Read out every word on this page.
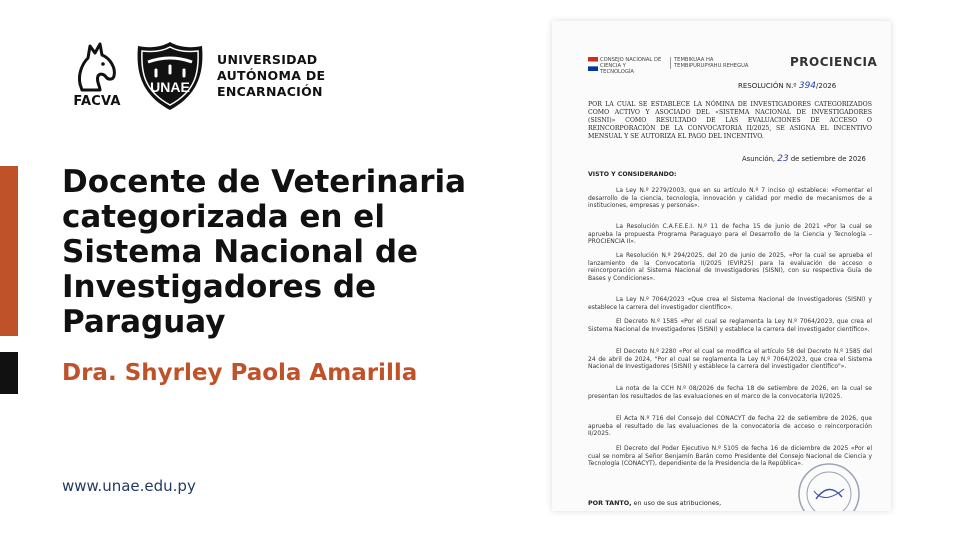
FACVA
UNAE
UNIVERSIDAD
AUTÓNOMA DE
ENCARNACIÓN
Docente de Veterinaria categorizada en el Sistema Nacional de Investigadores de Paraguay

Dra. Shyrley Paola Amarilla

www.unae.edu.py
CONSEJO NACIONAL DE
CIENCIA Y
TECNOLOGÍA
TEMBIKUAA HA
TEMBIPURUPYAHU REHEGUA	PROCIENCIA
RESOLUCIÓN N.º 394/2026

POR LA CUAL SE ESTABLECE LA NÓMINA DE INVESTIGADORES CATEGORIZADOS COMO ACTIVO Y ASOCIADO DEL «SISTEMA NACIONAL DE INVESTIGADORES (SISNI)» COMO RESULTADO DE LAS EVALUACIONES DE ACCESO O REINCORPORACIÓN DE LA CONVOCATORIA II/2025, SE ASIGNA EL INCENTIVO MENSUAL Y SE AUTORIZA EL PAGO DEL INCENTIVO.

Asunción, 23 de setiembre de 2026
VISTO Y CONSIDERANDO:

La Ley N.º 2279/2003, que en su artículo N.º 7 inciso q) establece: «Fomentar el desarrollo de la ciencia, tecnología, innovación y calidad por medio de mecanismos de a instituciones, empresas y personas».

La Resolución C.A.F.E.E.I. N.º 11 de fecha 15 de junio de 2021 «Por la cual se aprueba la propuesta Programa Paraguayo para el Desarrollo de la Ciencia y Tecnología – PROCIENCIA II».

La Resolución N.º 294/2025, del 20 de junio de 2025, «Por la cual se aprueba el lanzamiento de la Convocatoria II/2025 (EVIR25) para la evaluación de acceso o reincorporación al Sistema Nacional de Investigadores (SISNI), con su respectiva Guía de Bases y Condiciones».

La Ley N.º 7064/2023 «Que crea el Sistema Nacional de Investigadores (SISNI) y establece la carrera del investigador científico».

El Decreto N.º 1585 «Por el cual se reglamenta la Ley N.º 7064/2023, que crea el Sistema Nacional de Investigadores (SISNI) y establece la carrera del investigador científico».

El Decreto N.º 2280 «Por el cual se modifica el artículo 58 del Decreto N.º 1585 del 24 de abril de 2024, "Por el cual se reglamenta la Ley N.º 7064/2023, que crea el Sistema Nacional de Investigadores (SISNI) y establece la carrera del investigador científico"».

La nota de la CCH N.º 08/2026 de fecha 18 de setiembre de 2026, en la cual se presentan los resultados de las evaluaciones en el marco de la convocatoria II/2025.

El Acta N.º 716 del Consejo del CONACYT de fecha 22 de setiembre de 2026, que aprueba el resultado de las evaluaciones de la convocatoria de acceso o reincorporación II/2025.

El Decreto del Poder Ejecutivo N.º 5105 de fecha 16 de diciembre de 2025 «Por el cual se nombra al Señor Benjamín Barán como Presidente del Consejo Nacional de Ciencia y Tecnología (CONACYT), dependiente de la Presidencia de la República».

POR TANTO, en uso de sus atribuciones,
